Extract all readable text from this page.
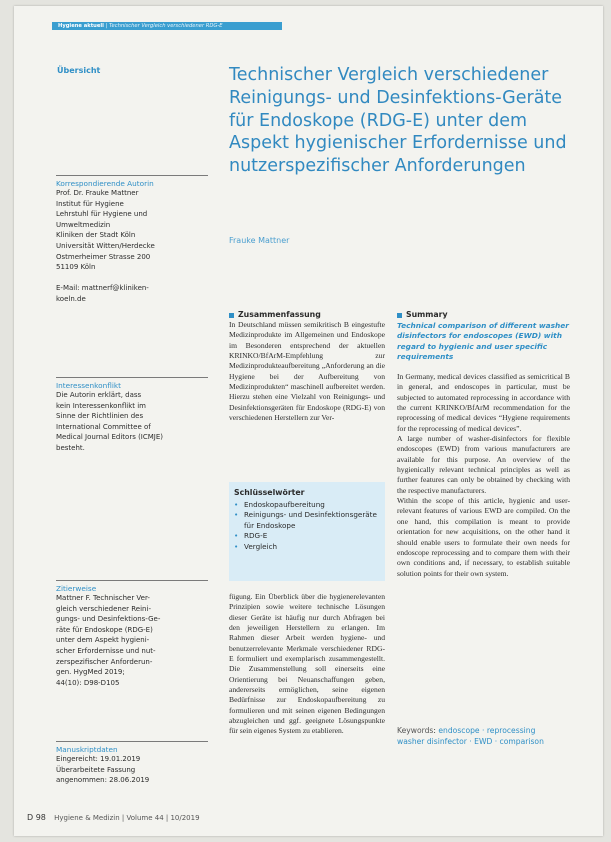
Hygiene aktuell | Technischer Vergleich verschiedener RDG-E
Übersicht
Korrespondierende Autorin
Prof. Dr. Frauke Mattner
Institut für Hygiene
Lehrstuhl für Hygiene und
Umweltmedizin
Kliniken der Stadt Köln
Universität Witten/Herdecke
Ostmerheimer Strasse 200
51109 Köln

E-Mail: mattnerf@kliniken-
koeln.de
Interessenkonflikt
Die Autorin erklärt, dass
kein Interessenkonflikt im
Sinne der Richtlinien des
International Committee of
Medical Journal Editors (ICMJE)
besteht.
Zitierweise
Mattner F. Technischer Ver-
gleich verschiedener Reini-
gungs- und Desinfektions-Ge-
räte für Endoskope (RDG-E)
unter dem Aspekt hygieni-
scher Erfordernisse und nut-
zerspezifischer Anforderun-
gen. HygMed 2019;
44(10): D98-D105
Manuskriptdaten
Eingereicht: 19.01.2019
Überarbeitete Fassung
angenommen: 28.06.2019
Technischer Vergleich verschiedener Reinigungs- und Desinfektions-Geräte für Endoskope (RDG-E) unter dem Aspekt hygienischer Erfordernisse und nutzerspezifischer Anforderungen
Frauke Mattner
Zusammenfassung
In Deutschland müssen semikritisch B eingestufte Medizinprodukte im Allgemeinen und Endoskope im Besonderen entsprechend der aktuellen KRINKO/BfArM-Empfehlung zur Medizinprodukteaufbereitung „Anforderung an die Hygiene bei der Aufbereitung von Medizinprodukten“ maschinell aufbereitet werden. Hierzu stehen eine Vielzahl von Reinigungs- und Desinfektionsgeräten für Endoskope (RDG-E) von verschiedenen Herstellern zur Ver-
Schlüsselwörter
• Endoskopaufbereitung
• Reinigungs- und Desinfektionsgeräte für Endoskope
• RDG-E
• Vergleich
fügung. Ein Überblick über die hygienerelevanten Prinzipien sowie weitere technische Lösungen dieser Geräte ist häufig nur durch Abfragen bei den jeweiligen Herstellern zu erlangen. Im Rahmen dieser Arbeit werden hygiene- und benutzerrelevante Merkmale verschiedener RDG-E formuliert und exemplarisch zusammengestellt. Die Zusammenstellung soll einerseits eine Orientierung bei Neuanschaffungen geben, andererseits ermöglichen, seine eigenen Bedürfnisse zur Endoskopaufbereitung zu formulieren und mit seinen eigenen Bedingungen abzugleichen und ggf. geeignete Lösungspunkte für sein eigenes System zu etablieren.
Summary
Technical comparison of different washer disinfectors for endoscopes (EWD) with regard to hygienic and user specific requirements
In Germany, medical devices classified as semicritical B in general, and endoscopes in particular, must be subjected to automated reprocessing in accordance with the current KRINKO/BfArM recommendation for the reprocessing of medical devices “Hygiene requirements for the reprocessing of medical devices”.
A large number of washer-disinfectors for flexible endoscopes (EWD) from various manufacturers are available for this purpose. An overview of the hygienically relevant technical principles as well as further features can only be obtained by checking with the respective manufacturers.
Within the scope of this article, hygienic and user-relevant features of various EWD are compiled. On the one hand, this compilation is meant to provide orientation for new acquisitions, on the other hand it should enable users to formulate their own needs for endoscope reprocessing and to compare them with their own conditions and, if necessary, to establish suitable solution points for their own system.
Keywords: endoscope · reprocessing
washer disinfector · EWD · comparison
D 98 Hygiene & Medizin | Volume 44 | 10/2019
